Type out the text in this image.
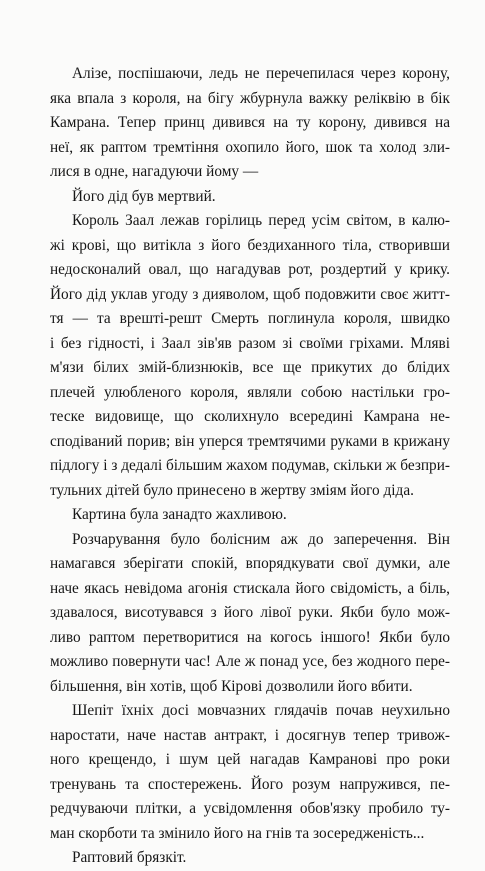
Алізе, поспішаючи, ледь не перечепилася через корону,
яка впала з короля, на бігу жбурнула важку реліквію в бік
Камрана. Тепер принц дивився на ту корону, дивився на
неї, як раптом тремтіння охопило його, шок та холод зли-
лися в одне, нагадуючи йому —
Його дід був мертвий.
Король Заал лежав горілиць перед усім світом, в калю-
жі крові, що витікла з його бездиханного тіла, створивши
недосконалий овал, що нагадував рот, роздертий у крику.
Його дід уклав угоду з дияволом, щоб подовжити своє житт-
тя — та врешті-решт Смерть поглинула короля, швидко
і без гідності, і Заал зів'яв разом зі своїми гріхами. Мляві
м'язи білих змій-близнюків, все ще прикутих до блідих
плечей улюбленого короля, являли собою настільки гро-
теске видовище, що сколихнуло всередині Камрана не-
сподіваний порив; він уперся тремтячими руками в крижану
підлогу і з дедалі більшим жахом подумав, скільки ж безпри-
тульних дітей було принесено в жертву зміям його діда.
Картина була занадто жахливою.
Розчарування було болісним аж до заперечення. Він
намагався зберігати спокій, впорядкувати свої думки, але
наче якась невідома агонія стискала його свідомість, а біль,
здавалося, висотувався з його лівої руки. Якби було мож-
ливо раптом перетворитися на когось іншого! Якби було
можливо повернути час! Але ж понад усе, без жодного пере-
більшення, він хотів, щоб Кірові дозволили його вбити.
Шепіт їхніх досі мовчазних глядачів почав неухильно
наростати, наче настав антракт, і досягнув тепер тривож-
ного крещендо, і шум цей нагадав Камранові про роки
тренувань та спостережень. Його розум напружився, пе-
редчуваючи плітки, а усвідомлення обов'язку пробило ту-
ман скорботи та змінило його на гнів та зосередженість...
Раптовий брязкіт.
